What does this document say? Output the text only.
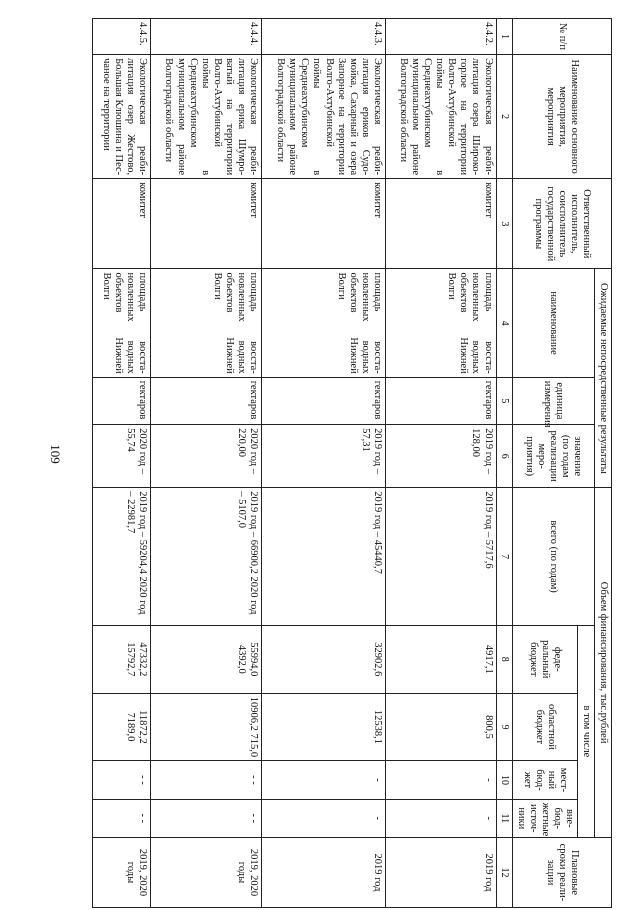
109
№ п/п	Наименование основного мероприятия, мероприятия	Ответственный исполнитель, соисполнитель государственной программы	Ожидаемые непосредственные результаты			Объем финансирования, тыс.рублей					Плановые сроки реали-зации
			наименование	единица измерения	значение (по годам реализации меро-приятия)	всего (по годам)	в том числе				
							феде-ральный бюджет	областной бюджет	мест-ный бюд-жет	вне-бюд-жетные источ-ники	
1	2	3	4	5	6	7	8	9	10	11	12
4.4.2.	Экологическая реаби-литация озера Широко-горлое на территории Волго-Ахтубинской поймы в Среднеахтубинском муниципальном районе Волгоградской области	комитет	площадь восста-новленных водных объектов Нижней Волги	гектаров	2019 год – 128,00	2019 год – 5717,6	4917,1	800,5	-	-	2019 год
4.4.3.	Экологическая реаби-литация ериков Судо-мойка, Сахарный и озера Запорное на территории Волго-Ахтубинской поймы в Среднеахтубинском муниципальном районе Волгоградской области	комитет	площадь восста-новленных водных объектов Нижней Волги	гектаров	2019 год – 57,31	2019 год – 45440,7	32902,6	12538,1	-	-	2019 год
4.4.4.	Экологическая реаби-литация ерика Шумро-ватый на территории Волго-Ахтубинской поймы в Среднеахтубинском муниципальном районе Волгоградской области	комитет	площадь восста-новленных водных объектов Нижней Волги	гектаров	2020 год – 220,00	2019 год – 66900,2 2020 год – 5107,0	55994,0 4392,0	10906,2 715,0	- -	- -	2019, 2020 годы
4.4.5.	Экологическая реаби-литация озер Жестово, Большая Клюшина и Пес-чаное на территории	комитет	площадь восста-новленных водных объектов Нижней Волги	гектаров	2020 год – 55,74	2019 год – 59204,4 2020 год – 22981,7	47332,2 15792,7	11872,2 7189,0	- -	- -	2019, 2020 годы
